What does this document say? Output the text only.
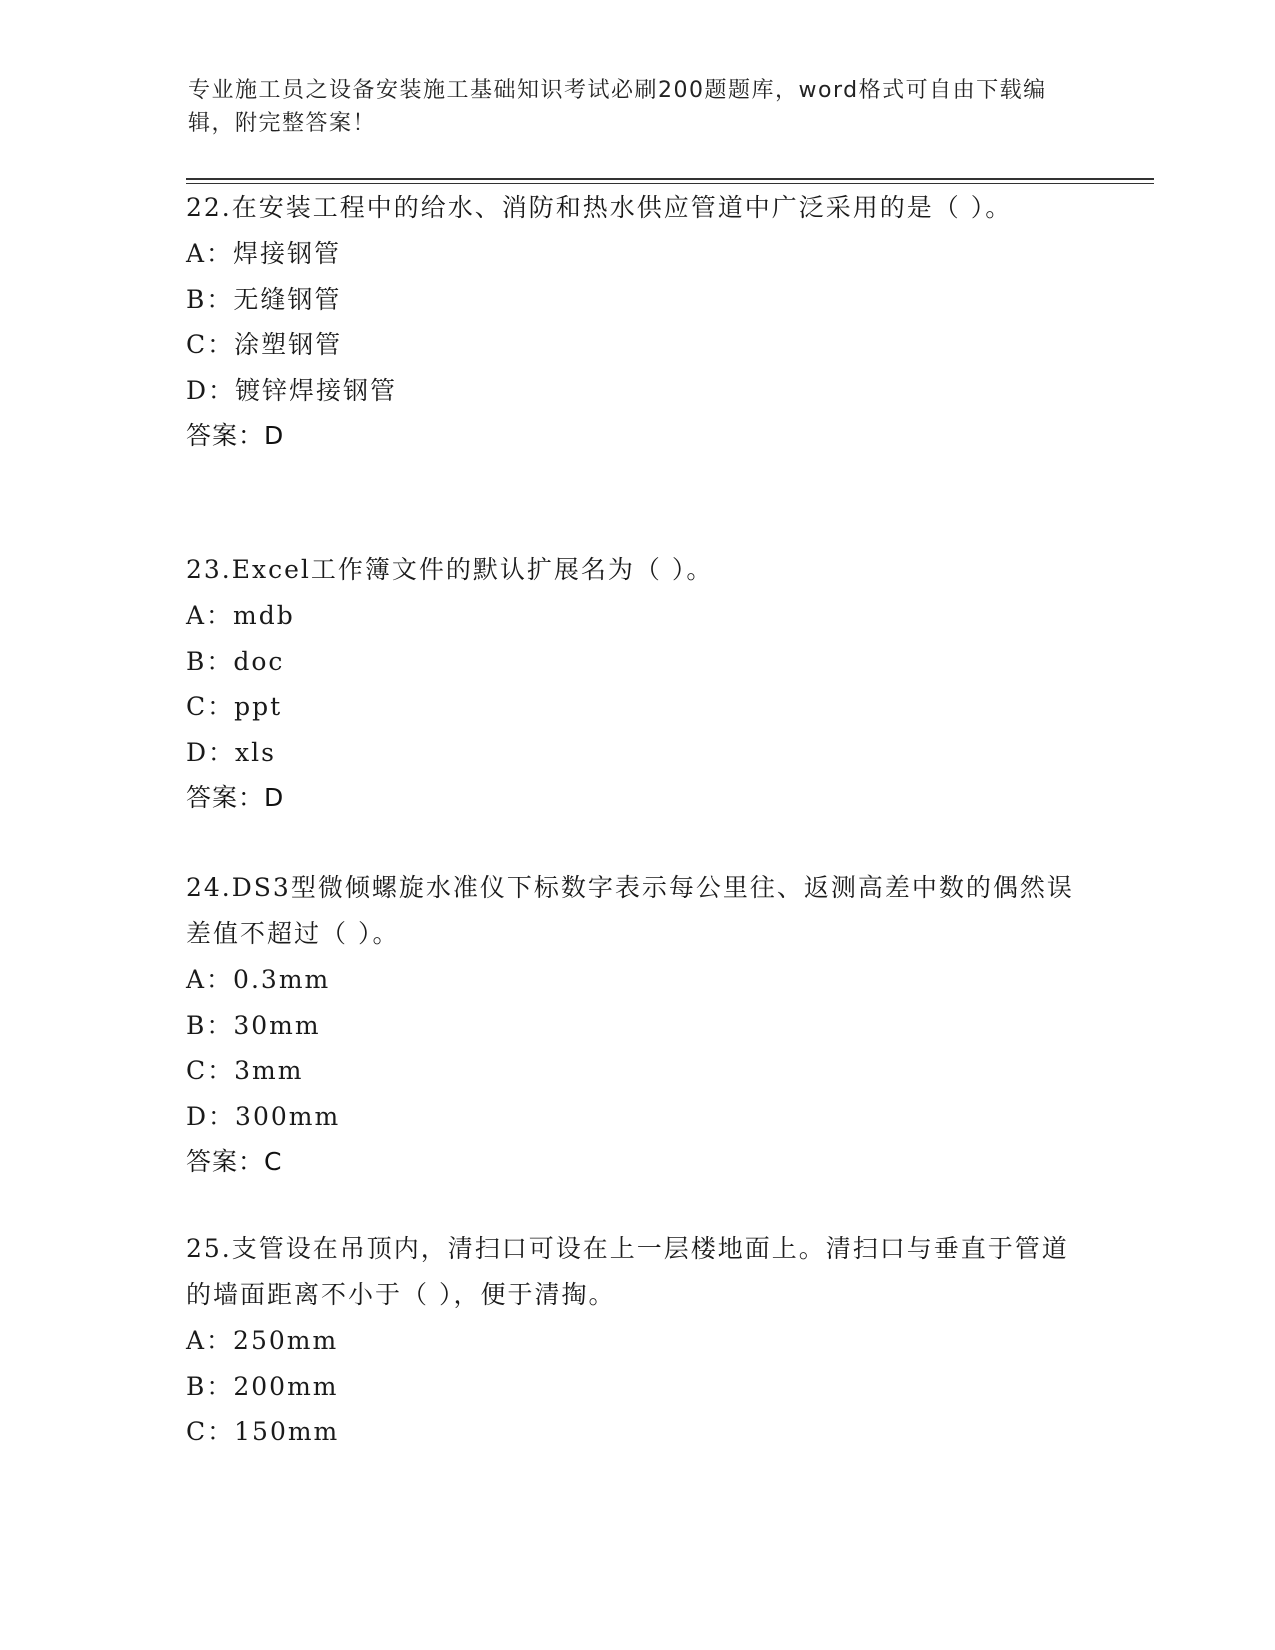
专业施工员之设备安装施工基础知识考试必刷200题题库，word格式可自由下载编辑，附完整答案！

22.在安装工程中的给水、消防和热水供应管道中广泛采用的是（ ）。

A：焊接钢管

B：无缝钢管

C：涂塑钢管

D：镀锌焊接钢管

答案：D

23.Excel工作簿文件的默认扩展名为（ ）。

A：mdb

B：doc

C：ppt

D：xls

答案：D

24.DS3型微倾螺旋水准仪下标数字表示每公里往、返测高差中数的偶然误差值不超过（ ）。

A：0.3mm

B：30mm

C：3mm

D：300mm

答案：C

25.支管设在吊顶内，清扫口可设在上一层楼地面上。清扫口与垂直于管道的墙面距离不小于（ ），便于清掏。

A：250mm

B：200mm

C：150mm
